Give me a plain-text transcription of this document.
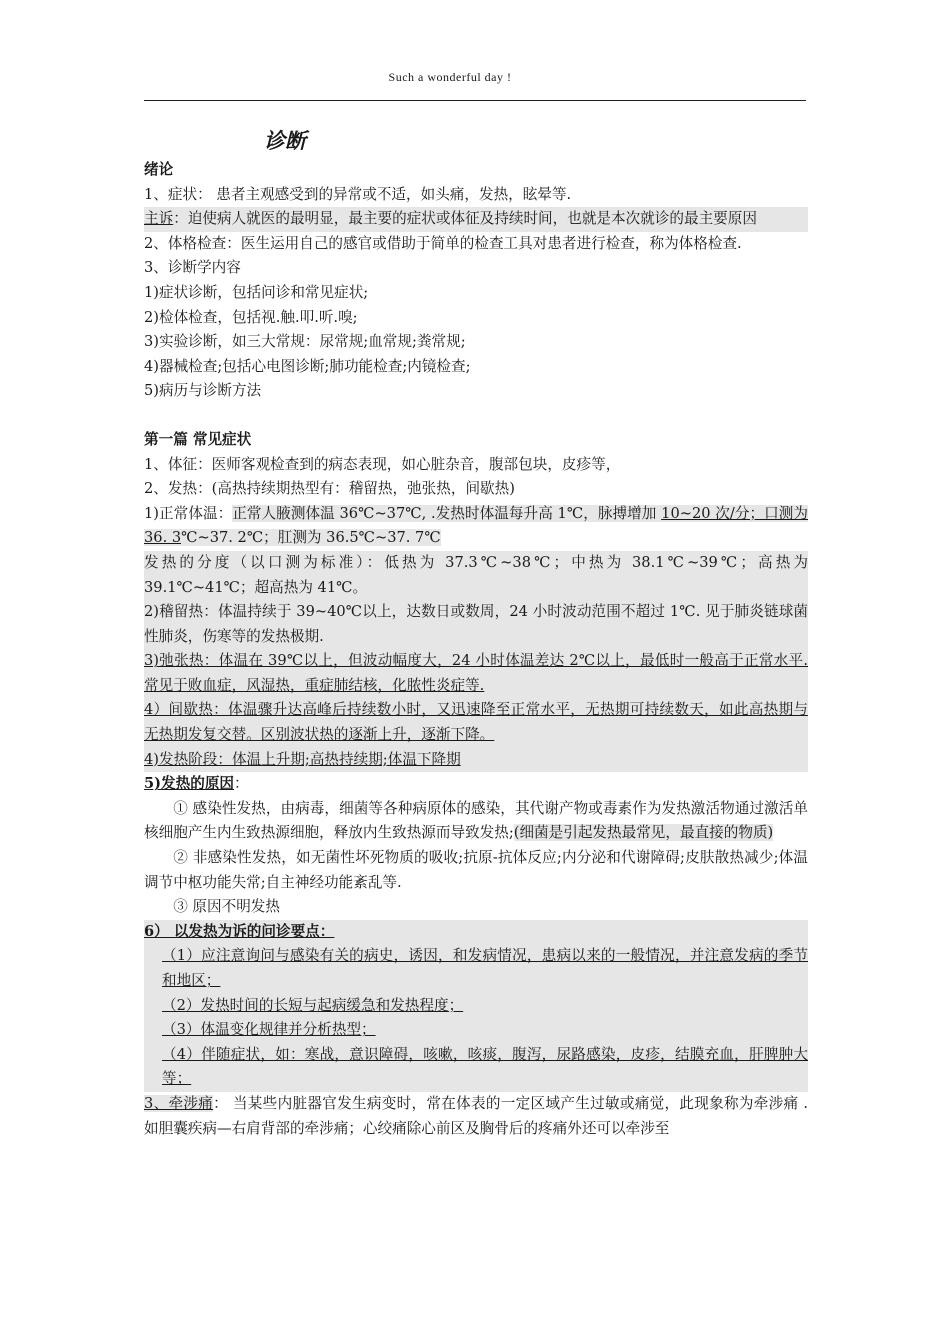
Such a wonderful day !
诊断

绪论

1、症状： 患者主观感受到的异常或不适，如头痛，发热，眩晕等.

主诉：迫使病人就医的最明显，最主要的症状或体征及持续时间，也就是本次就诊的最主要原因

2、体格检查：医生运用自己的感官或借助于简单的检查工具对患者进行检查，称为体格检查.

3、诊断学内容

1)症状诊断，包括问诊和常见症状;

2)检体检查，包括视.触.叩.听.嗅;

3)实验诊断，如三大常规：尿常规;血常规;粪常规;

4)器械检查;包括心电图诊断;肺功能检查;内镜检查;

5)病历与诊断方法

第一篇 常见症状

1、体征：医师客观检查到的病态表现，如心脏杂音，腹部包块，皮疹等，

2、发热：(高热持续期热型有：稽留热，弛张热，间歇热)

1)正常体温：正常人腋测体温 36℃~37℃, .发热时体温每升高 1℃，脉搏增加 10~20 次/分；口测为 36. 3℃~37. 2℃；肛测为 36.5℃~37. 7℃

发热的分度（以口测为标准）：低热为 37.3℃~38℃；中热为 38.1℃~39℃；高热为 39.1℃~41℃；超高热为 41℃。

2)稽留热：体温持续于 39~40℃以上，达数日或数周，24 小时波动范围不超过 1℃. 见于肺炎链球菌性肺炎，伤寒等的发热极期.

3)弛张热：体温在 39℃以上，但波动幅度大，24 小时体温差达 2℃以上，最低时一般高于正常水平. 常见于败血症，风湿热，重症肺结核，化脓性炎症等.

4）间歇热：体温骤升达高峰后持续数小时，又迅速降至正常水平，无热期可持续数天，如此高热期与无热期发复交替。区别波状热的逐渐上升，逐渐下降。

4)发热阶段：体温上升期;高热持续期;体温下降期

5)发热的原因：

① 感染性发热，由病毒，细菌等各种病原体的感染，其代谢产物或毒素作为发热激活物通过激活单核细胞产生内生致热源细胞，释放内生致热源而导致发热;(细菌是引起发热最常见，最直接的物质)

② 非感染性发热，如无菌性坏死物质的吸收;抗原-抗体反应;内分泌和代谢障碍;皮肤散热减少;体温调节中枢功能失常;自主神经功能紊乱等.

③ 原因不明发热

6） 以发热为诉的问诊要点：

（1）应注意询问与感染有关的病史，诱因，和发病情况，患病以来的一般情况，并注意发病的季节和地区；

（2）发热时间的长短与起病缓急和发热程度；

（3）体温变化规律并分析热型；

（4）伴随症状，如：寒战，意识障碍，咳嗽，咳痰，腹泻，尿路感染，皮疹，结膜充血，肝脾肿大等；

3、牵涉痛： 当某些内脏器官发生病变时，常在体表的一定区域产生过敏或痛觉，此现象称为牵涉痛 . 如胆囊疾病—右肩背部的牵涉痛；心绞痛除心前区及胸骨后的疼痛外还可以牵涉至
